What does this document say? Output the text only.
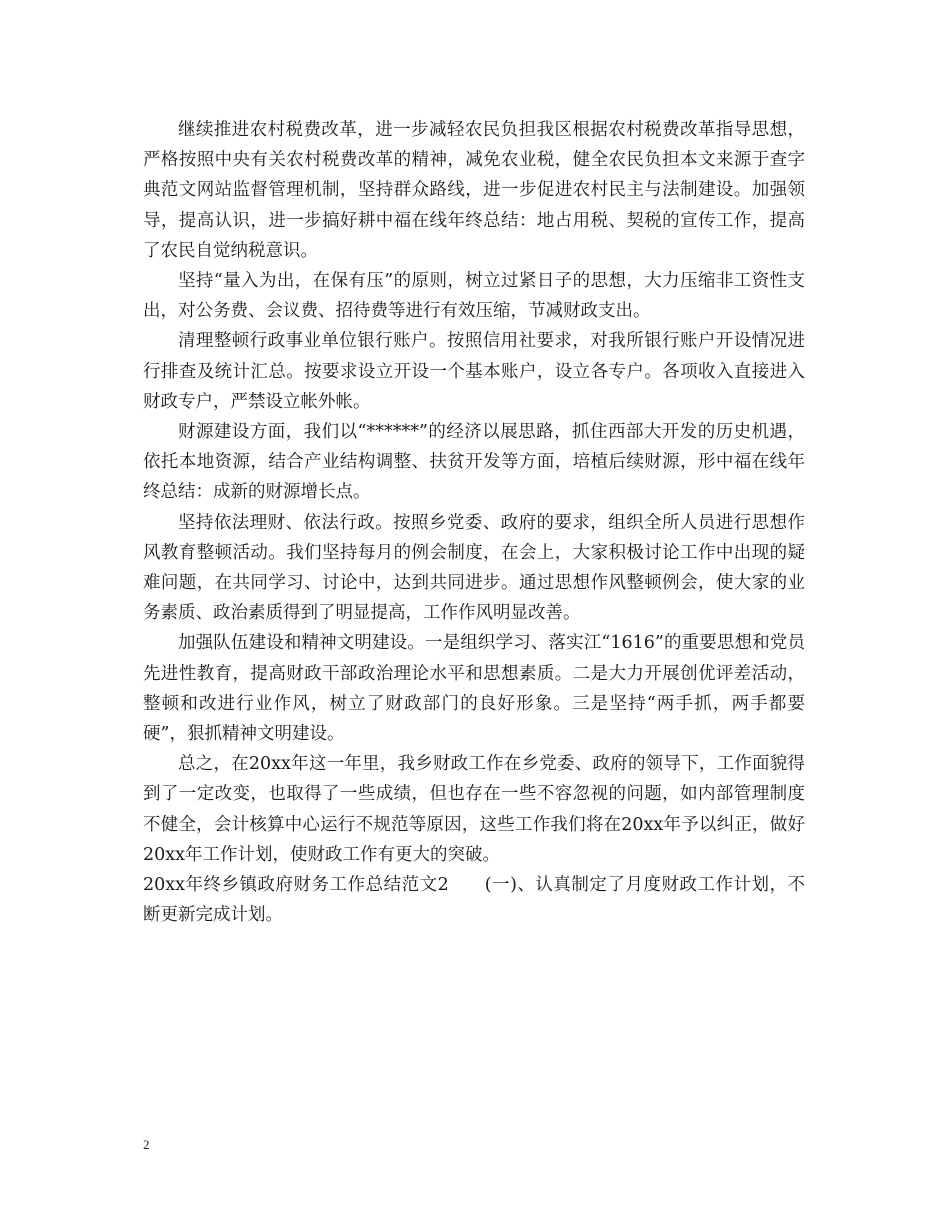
继续推进农村税费改革，进一步减轻农民负担我区根据农村税费改革指导思想，严格按照中央有关农村税费改革的精神，减免农业税，健全农民负担本文来源于查字典范文网站监督管理机制，坚持群众路线，进一步促进农村民主与法制建设。加强领导，提高认识，进一步搞好耕中福在线年终总结：地占用税、契税的宣传工作，提高了农民自觉纳税意识。

坚持“量入为出，在保有压”的原则，树立过紧日子的思想，大力压缩非工资性支出，对公务费、会议费、招待费等进行有效压缩，节减财政支出。

清理整顿行政事业单位银行账户。按照信用社要求，对我所银行账户开设情况进行排查及统计汇总。按要求设立开设一个基本账户，设立各专户。各项收入直接进入财政专户，严禁设立帐外帐。

财源建设方面，我们以“******”的经济以展思路，抓住西部大开发的历史机遇，依托本地资源，结合产业结构调整、扶贫开发等方面，培植后续财源，形中福在线年终总结：成新的财源增长点。

坚持依法理财、依法行政。按照乡党委、政府的要求，组织全所人员进行思想作风教育整顿活动。我们坚持每月的例会制度，在会上，大家积极讨论工作中出现的疑难问题，在共同学习、讨论中，达到共同进步。通过思想作风整顿例会，使大家的业务素质、政治素质得到了明显提高，工作作风明显改善。

加强队伍建设和精神文明建设。一是组织学习、落实江“1616”的重要思想和党员先进性教育，提高财政干部政治理论水平和思想素质。二是大力开展创优评差活动，整顿和改进行业作风，树立了财政部门的良好形象。三是坚持“两手抓，两手都要硬”，狠抓精神文明建设。

总之，在20xx年这一年里，我乡财政工作在乡党委、政府的领导下，工作面貌得到了一定改变，也取得了一些成绩，但也存在一些不容忽视的问题，如内部管理制度不健全，会计核算中心运行不规范等原因，这些工作我们将在20xx年予以纠正，做好20xx年工作计划，使财政工作有更大的突破。

20xx年终乡镇政府财务工作总结范文2 (一)、认真制定了月度财政工作计划，不断更新完成计划。

2
